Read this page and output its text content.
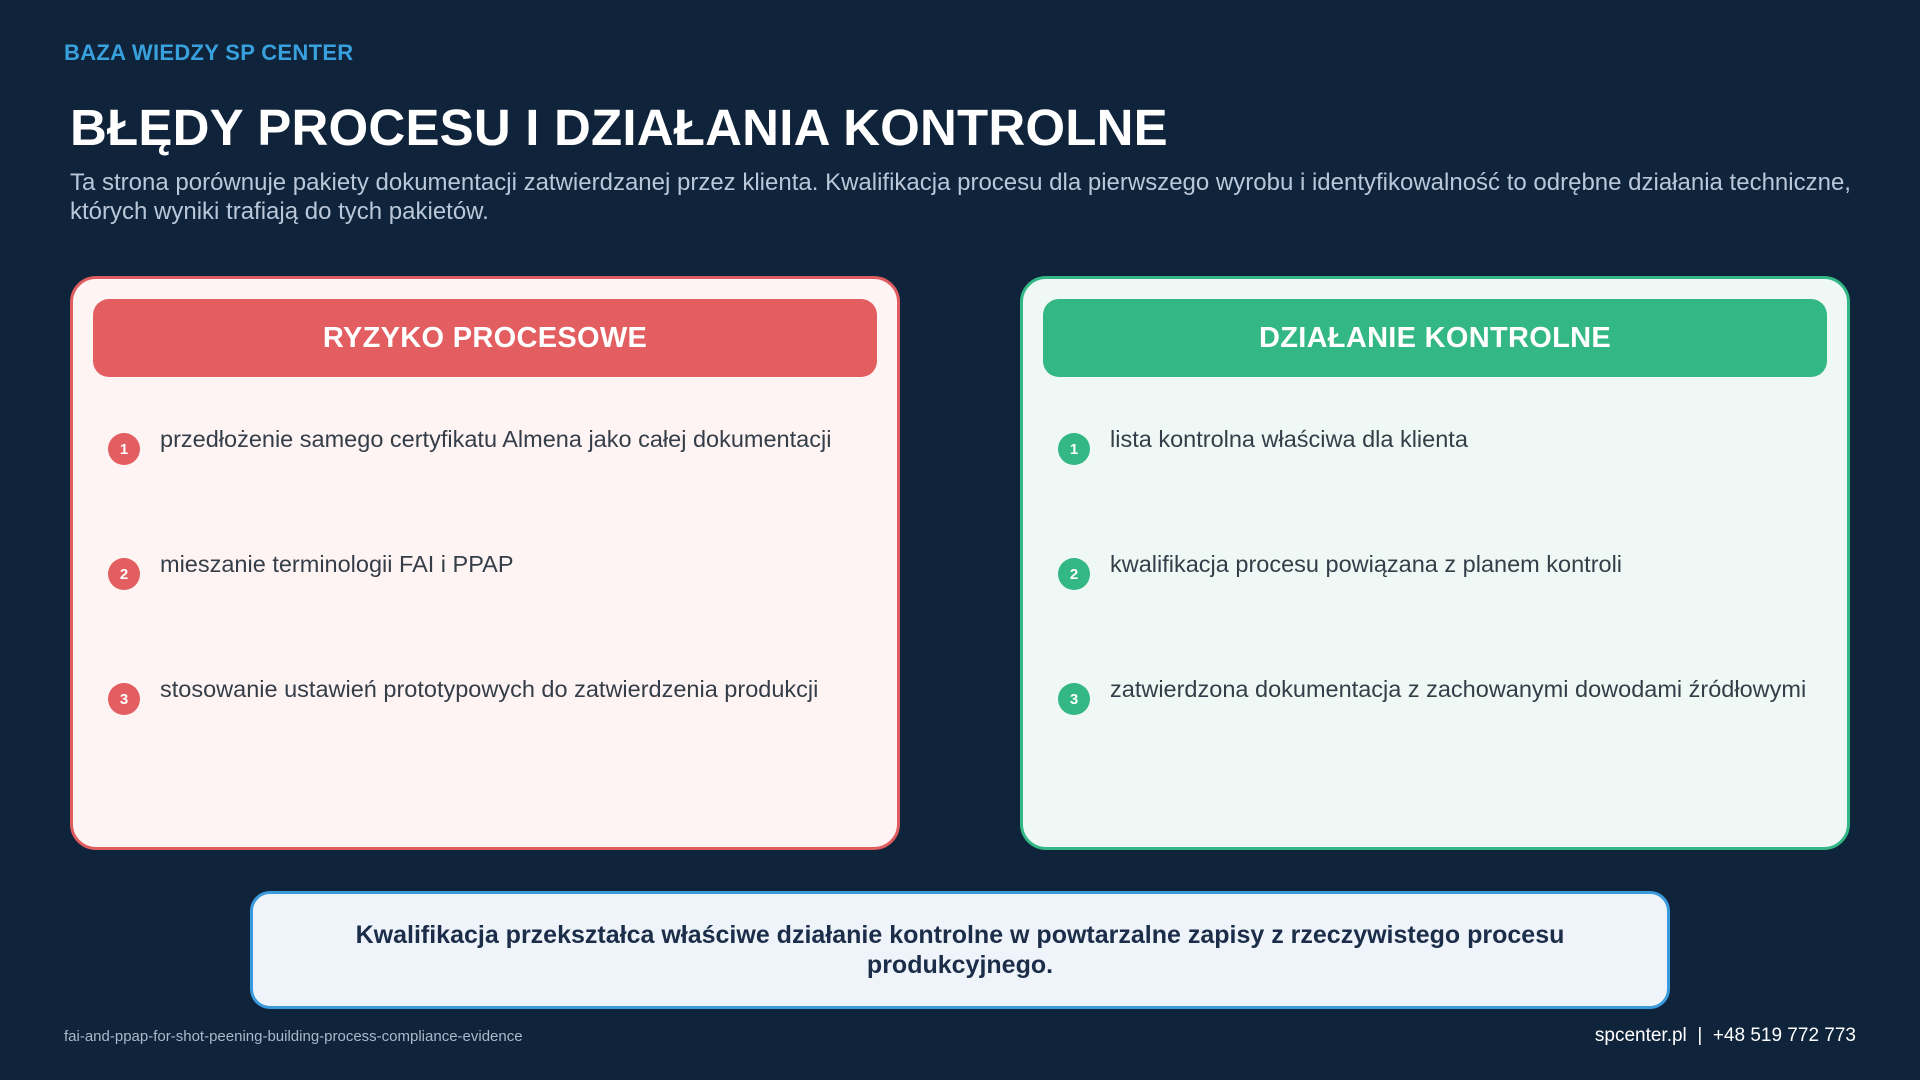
BAZA WIEDZY SP CENTER
BŁĘDY PROCESU I DZIAŁANIA KONTROLNE

Ta strona porównuje pakiety dokumentacji zatwierdzanej przez klienta. Kwalifikacja procesu dla pierwszego wyrobu i identyfikowalność to odrębne działania techniczne, których wyniki trafiają do tych pakietów.

RYZYKO PROCESOWE
1	przedłożenie samego certyfikatu Almena jako całej dokumentacji
2	mieszanie terminologii FAI i PPAP
3	stosowanie ustawień prototypowych do zatwierdzenia produkcji
DZIAŁANIE KONTROLNE
1	lista kontrolna właściwa dla klienta
2	kwalifikacja procesu powiązana z planem kontroli
3	zatwierdzona dokumentacja z zachowanymi dowodami źródłowymi
Kwalifikacja przekształca właściwe działanie kontrolne w powtarzalne zapisy z rzeczywistego procesu produkcyjnego.
fai-and-ppap-for-shot-peening-building-process-compliance-evidence	spcenter.pl  |  +48 519 772 773
